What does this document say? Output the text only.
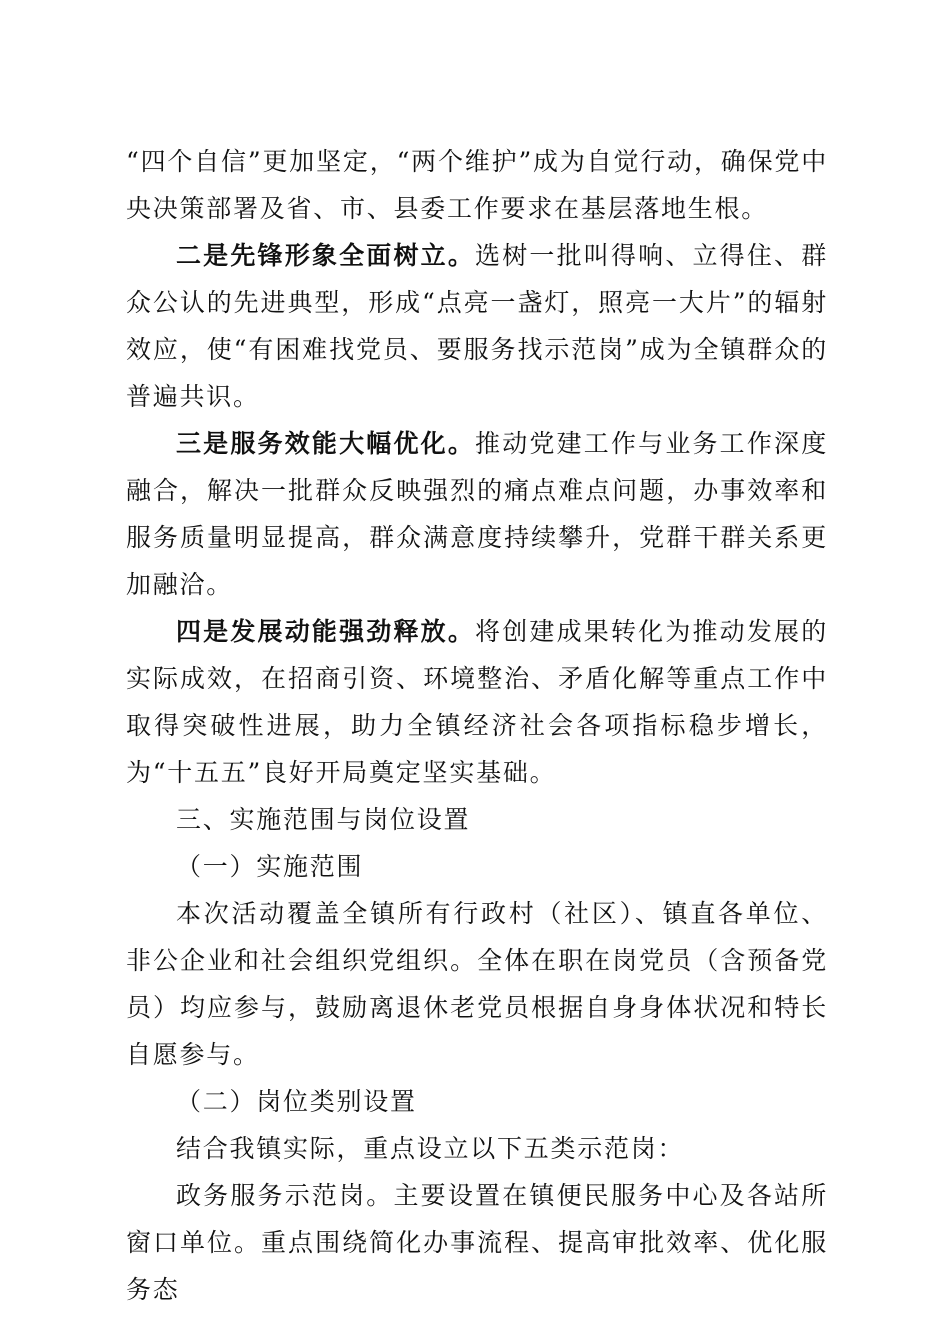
“四个自信”更加坚定，“两个维护”成为自觉行动，确保党中央决策部署及省、市、县委工作要求在基层落地生根。

二是先锋形象全面树立。选树一批叫得响、立得住、群众公认的先进典型，形成“点亮一盏灯，照亮一大片”的辐射效应，使“有困难找党员、要服务找示范岗”成为全镇群众的普遍共识。

三是服务效能大幅优化。推动党建工作与业务工作深度融合，解决一批群众反映强烈的痛点难点问题，办事效率和服务质量明显提高，群众满意度持续攀升，党群干群关系更加融洽。

四是发展动能强劲释放。将创建成果转化为推动发展的实际成效，在招商引资、环境整治、矛盾化解等重点工作中取得突破性进展，助力全镇经济社会各项指标稳步增长，为“十五五”良好开局奠定坚实基础。

三、实施范围与岗位设置

（一）实施范围

本次活动覆盖全镇所有行政村（社区）、镇直各单位、非公企业和社会组织党组织。全体在职在岗党员（含预备党员）均应参与，鼓励离退休老党员根据自身身体状况和特长自愿参与。

（二）岗位类别设置

结合我镇实际，重点设立以下五类示范岗：

政务服务示范岗。主要设置在镇便民服务中心及各站所窗口单位。重点围绕简化办事流程、提高审批效率、优化服务态
